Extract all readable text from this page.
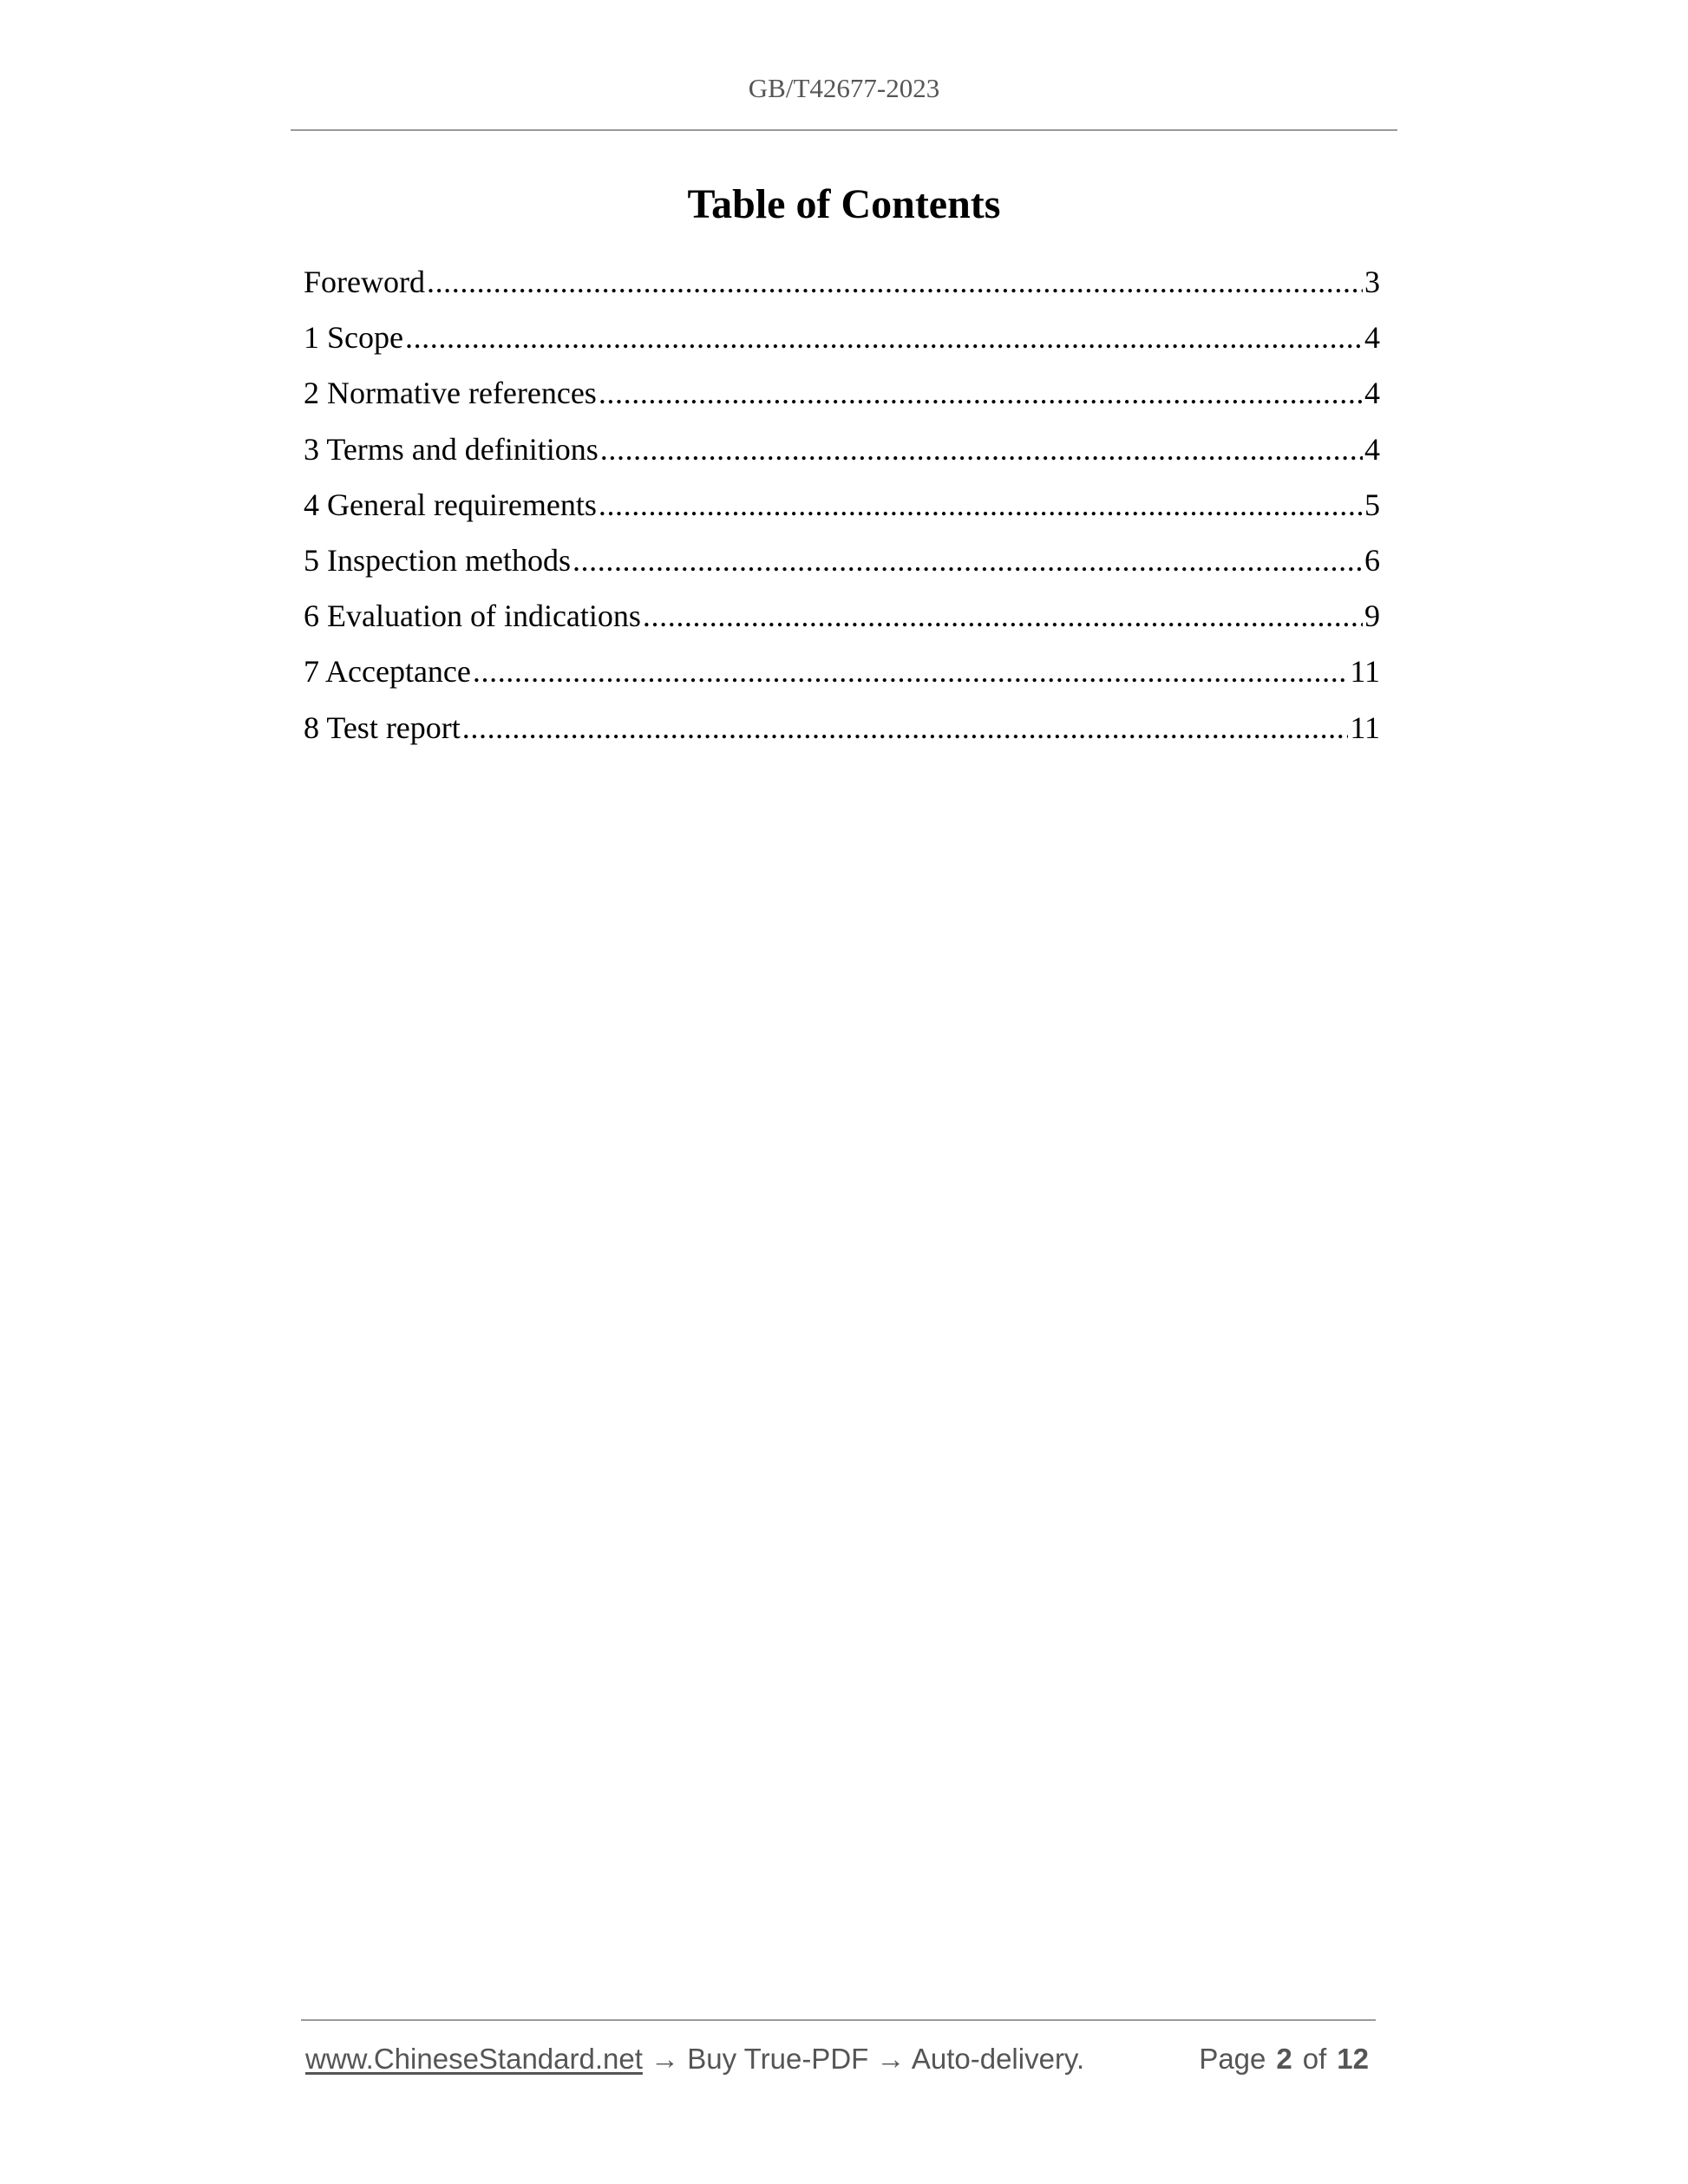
GB/T42677-2023
Table of Contents
Foreword .....	3
1 Scope .....	4
2 Normative references .....	4
3 Terms and definitions .....	4
4 General requirements .....	5
5 Inspection methods .....	6
6 Evaluation of indications .....	9
7 Acceptance .....	11
8 Test report .....	11
www.ChineseStandard.net → Buy True-PDF → Auto-delivery.	Page 2 of 12
